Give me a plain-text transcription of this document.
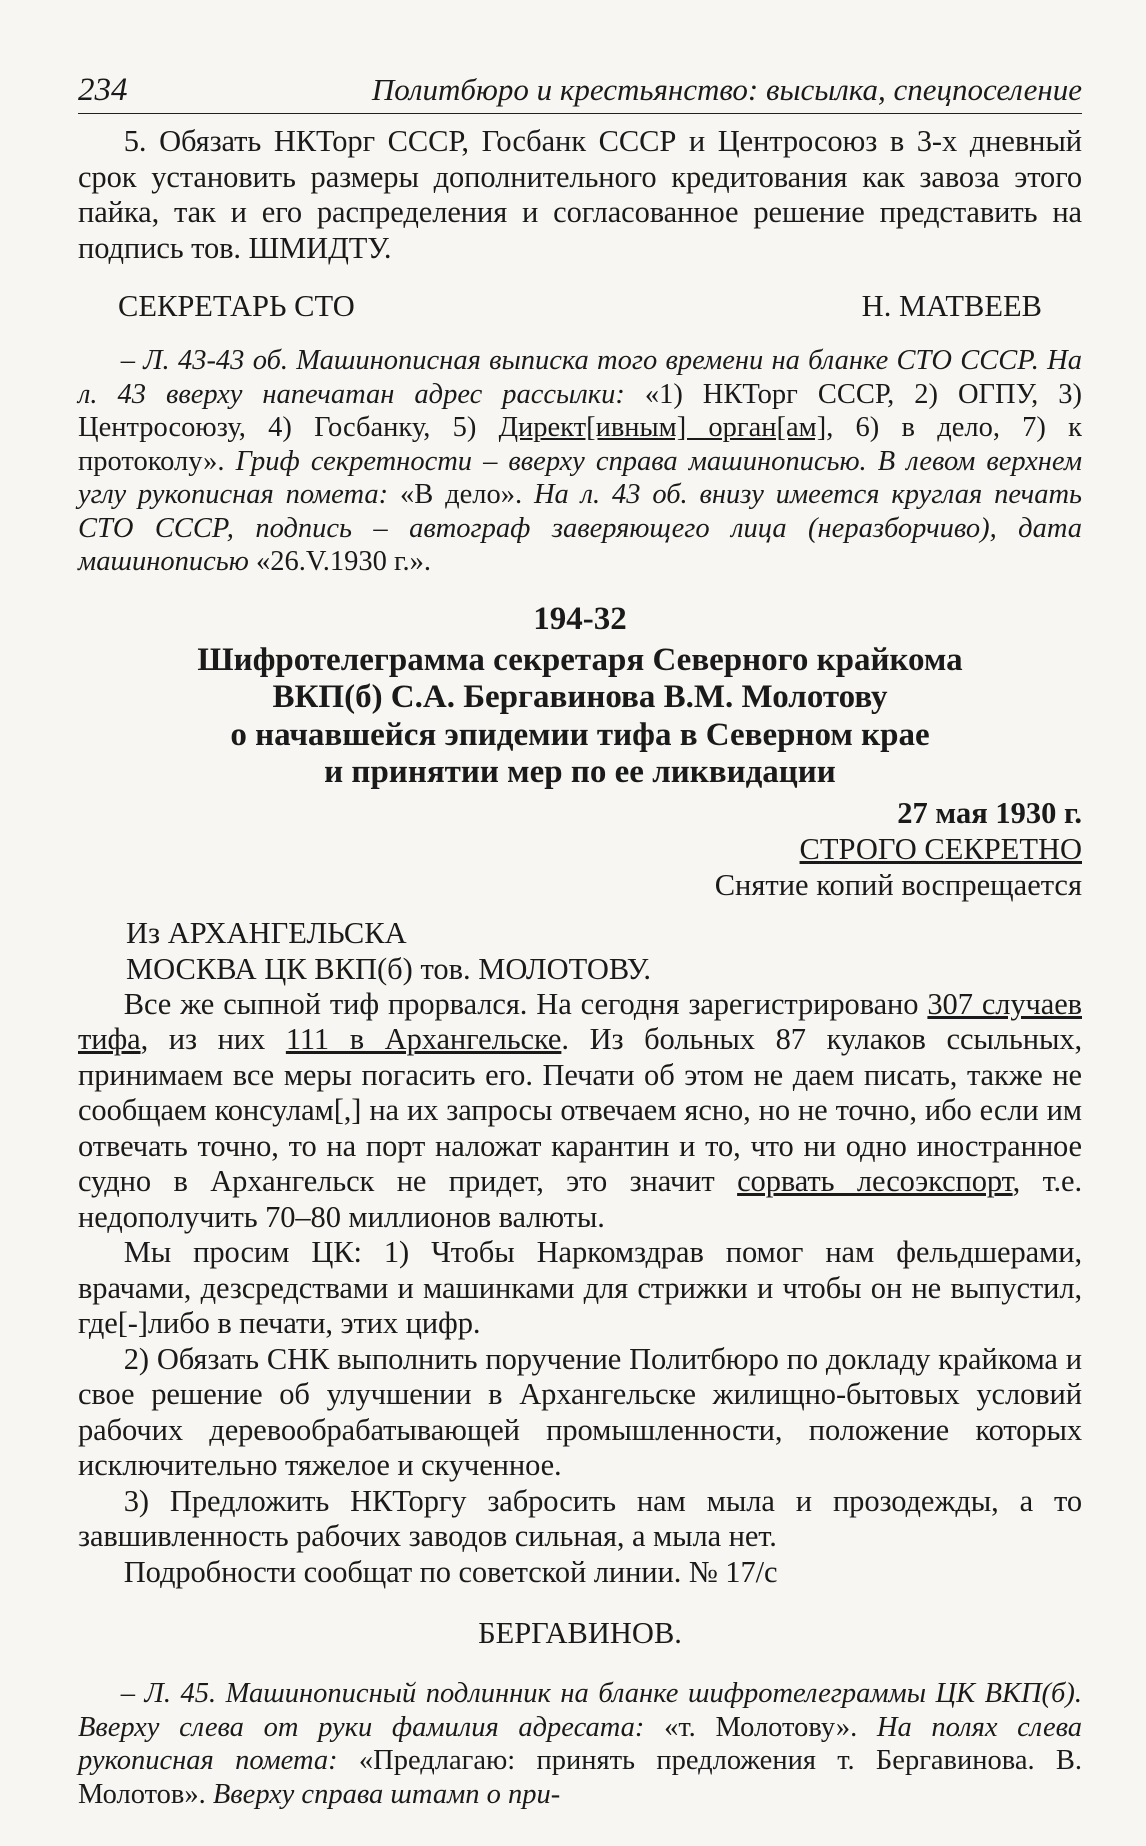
234	Политбюро и крестьянство: высылка, спецпоселение

5. Обязать НКТорг СССР, Госбанк СССР и Центросоюз в 3-х дневный срок установить размеры дополнительного кредитования как завоза этого пайка, так и его распределения и согласованное решение представить на подпись тов. ШМИДТУ.

СЕКРЕТАРЬ СТО	Н. МАТВЕЕВ

– Л. 43-43 об. Машинописная выписка того времени на бланке СТО СССР. На л. 43 вверху напечатан адрес рассылки: «1) НКТорг СССР, 2) ОГПУ, 3) Центросоюзу, 4) Госбанку, 5) Директ[ивным] орган[ам], 6) в дело, 7) к протоколу». Гриф секретности – вверху справа машинописью. В левом верхнем углу рукописная помета: «В дело». На л. 43 об. внизу имеется круглая печать СТО СССР, подпись – автограф заверяющего лица (неразборчиво), дата машинописью «26.V.1930 г.».

194-32
Шифротелеграмма секретаря Северного крайкома
ВКП(б) С.А. Бергавинова В.М. Молотову
о начавшейся эпидемии тифа в Северном крае
и принятии мер по ее ликвидации
27 мая 1930 г.
СТРОГО СЕКРЕТНО
Снятие копий воспрещается
Из АРХАНГЕЛЬСКА
МОСКВА ЦК ВКП(б) тов. МОЛОТОВУ.

Все же сыпной тиф прорвался. На сегодня зарегистрировано 307 случаев тифа, из них 111 в Архангельске. Из больных 87 кулаков ссыльных, принимаем все меры погасить его. Печати об этом не даем писать, также не сообщаем консулам[,] на их запросы отвечаем ясно, но не точно, ибо если им отвечать точно, то на порт наложат карантин и то, что ни одно иностранное судно в Архангельск не придет, это значит сорвать лесоэкспорт, т.е. недополучить 70–80 миллионов валюты.

Мы просим ЦК: 1) Чтобы Наркомздрав помог нам фельдшерами, врачами, дезсредствами и машинками для стрижки и чтобы он не выпустил, где[-]либо в печати, этих цифр.

2) Обязать СНК выполнить поручение Политбюро по докладу крайкома и свое решение об улучшении в Архангельске жилищно-бытовых условий рабочих деревообрабатывающей промышленности, положение которых исключительно тяжелое и скученное.

3) Предложить НКТоргу забросить нам мыла и прозодежды, а то завшивленность рабочих заводов сильная, а мыла нет.

Подробности сообщат по советской линии. № 17/с

БЕРГАВИНОВ.

– Л. 45. Машинописный подлинник на бланке шифротелеграммы ЦК ВКП(б). Вверху слева от руки фамилия адресата: «т. Молотову». На полях слева рукописная помета: «Предлагаю: принять предложения т. Бергавинова. В. Молотов». Вверху справа штамп о при-
